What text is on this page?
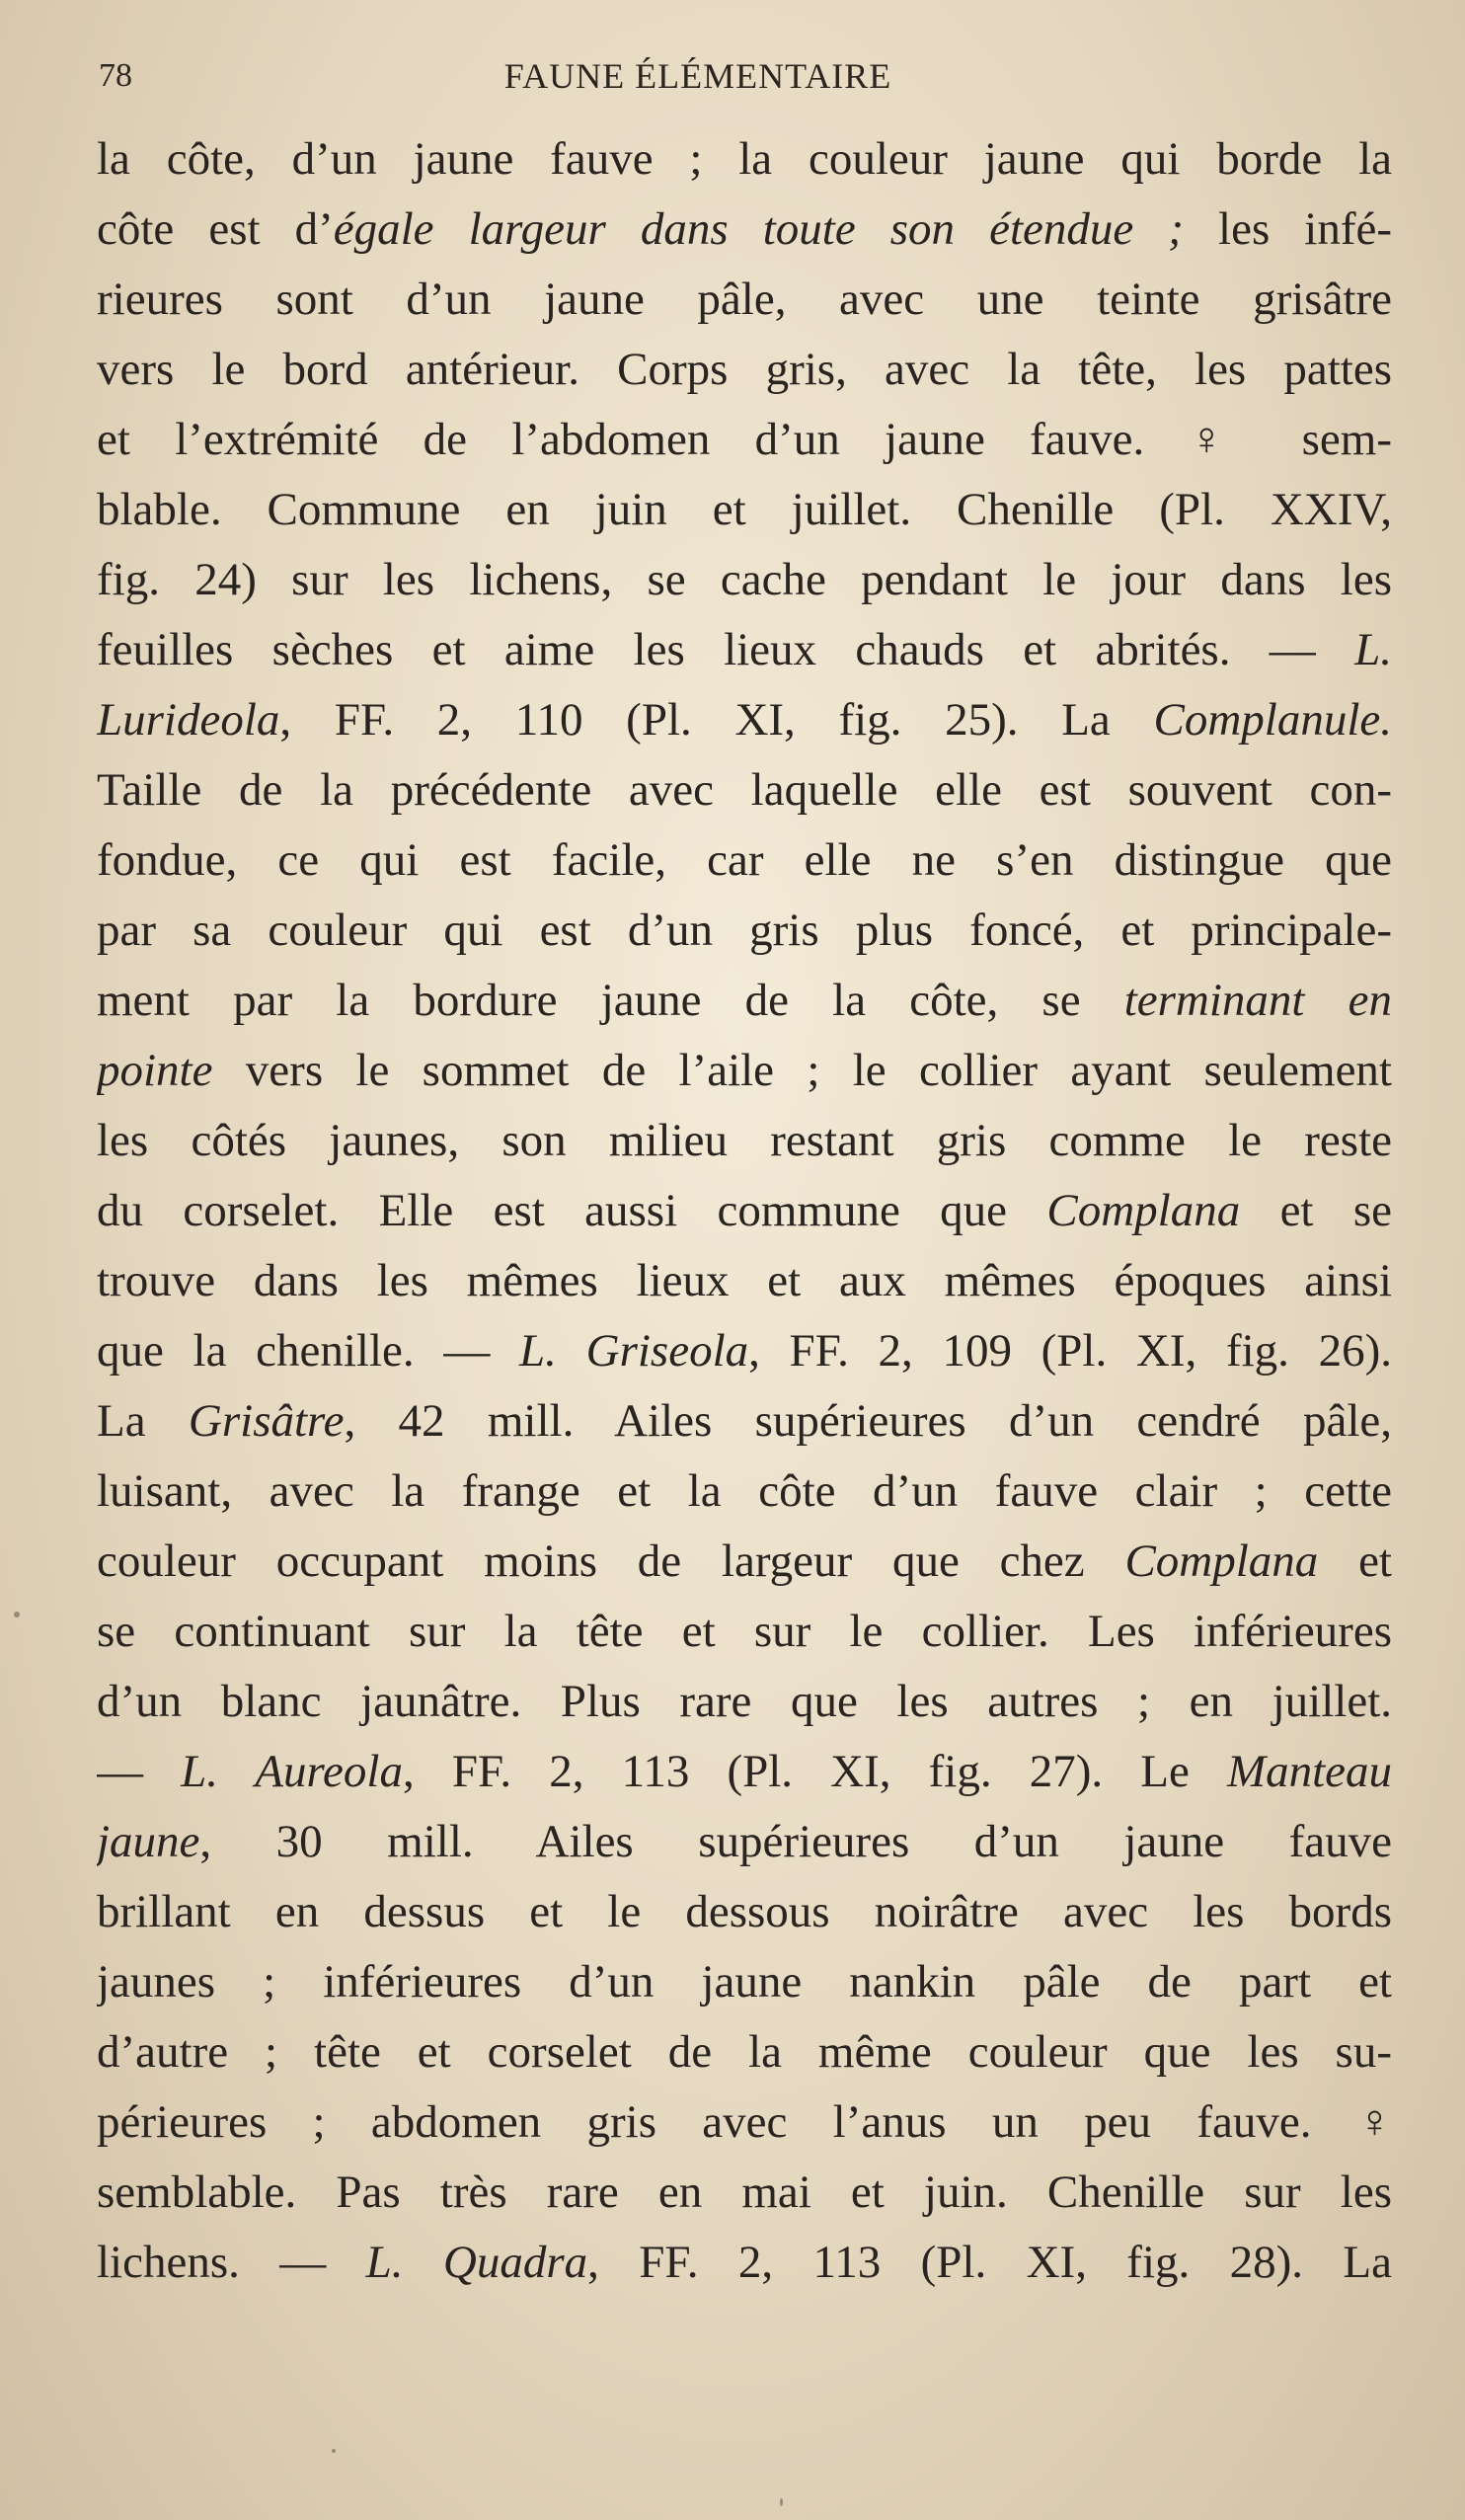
78	FAUNE ÉLÉMENTAIRE
la côte, d’un jaune fauve ; la couleur jaune qui borde la
côte est d’égale largeur dans toute son étendue ; les infé-
rieures sont d’un jaune pâle, avec une teinte grisâtre
vers le bord antérieur. Corps gris, avec la tête, les pattes
et l’extrémité de l’abdomen d’un jaune fauve. ♀ sem-
blable. Commune en juin et juillet. Chenille (Pl. XXIV,
fig. 24) sur les lichens, se cache pendant le jour dans les
feuilles sèches et aime les lieux chauds et abrités. — L.
Lurideola, FF. 2, 110 (Pl. XI, fig. 25). La Complanule.
Taille de la précédente avec laquelle elle est souvent con-
fondue, ce qui est facile, car elle ne s’en distingue que
par sa couleur qui est d’un gris plus foncé, et principale-
ment par la bordure jaune de la côte, se terminant en
pointe vers le sommet de l’aile ; le collier ayant seulement
les côtés jaunes, son milieu restant gris comme le reste
du corselet. Elle est aussi commune que Complana et se
trouve dans les mêmes lieux et aux mêmes époques ainsi
que la chenille. — L. Griseola, FF. 2, 109 (Pl. XI, fig. 26).
La Grisâtre, 42 mill. Ailes supérieures d’un cendré pâle,
luisant, avec la frange et la côte d’un fauve clair ; cette
couleur occupant moins de largeur que chez Complana et
se continuant sur la tête et sur le collier. Les inférieures
d’un blanc jaunâtre. Plus rare que les autres ; en juillet.
— L. Aureola, FF. 2, 113 (Pl. XI, fig. 27). Le Manteau
jaune, 30 mill. Ailes supérieures d’un jaune fauve
brillant en dessus et le dessous noirâtre avec les bords
jaunes ; inférieures d’un jaune nankin pâle de part et
d’autre ; tête et corselet de la même couleur que les su-
périeures ; abdomen gris avec l’anus un peu fauve. ♀
semblable. Pas très rare en mai et juin. Chenille sur les
lichens. — L. Quadra, FF. 2, 113 (Pl. XI, fig. 28). La
